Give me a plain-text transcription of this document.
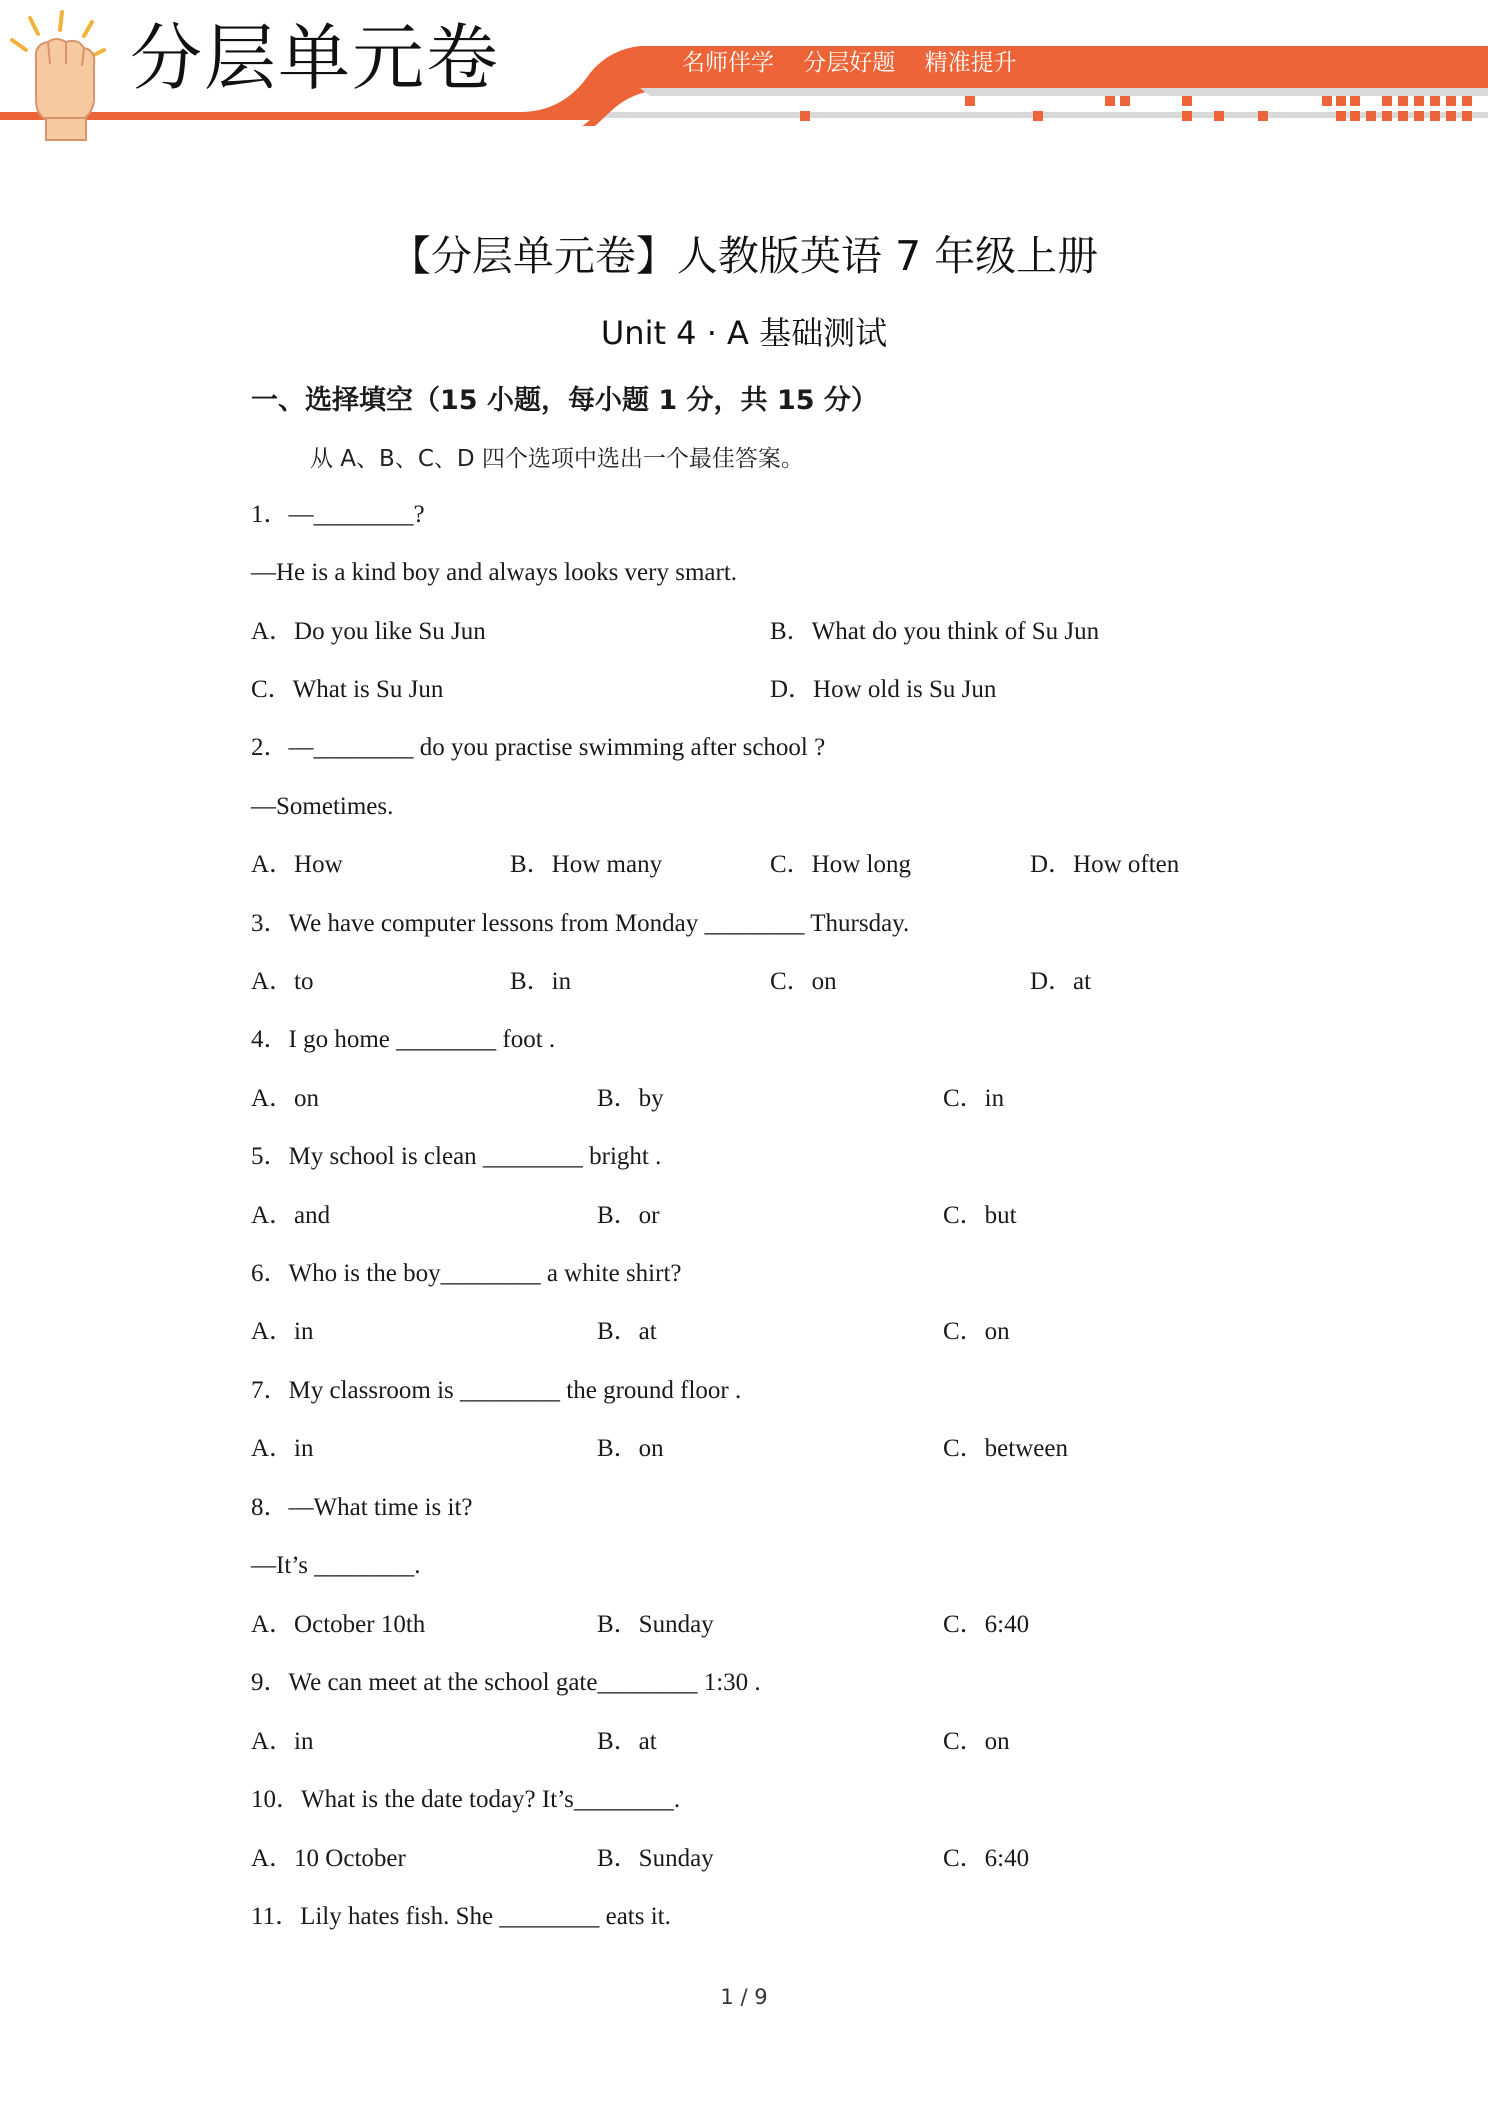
分层单元卷	名师伴学 分层好题 精准提升
【分层单元卷】人教版英语 7 年级上册
Unit 4 · A 基础测试
一、选择填空（15 小题，每小题 1 分，共 15 分）
从 A、B、C、D 四个选项中选出一个最佳答案。
1．—________?
—He is a kind boy and always looks very smart.
A．Do you like Su Jun	B．What do you think of Su Jun
C．What is Su Jun	D．How old is Su Jun
2．—________ do you practise swimming after school ?
—Sometimes.
A．How	B．How many	C．How long	D．How often
3．We have computer lessons from Monday ________ Thursday.
A．to	B．in	C．on	D．at
4．I go home ________ foot .
A．on	B．by	C．in
5．My school is clean ________ bright .
A．and	B．or	C．but
6．Who is the boy________ a white shirt?
A．in	B．at	C．on
7．My classroom is ________ the ground floor .
A．in	B．on	C．between
8．—What time is it?
—It’s ________.
A．October 10th	B．Sunday	C．6:40
9．We can meet at the school gate________ 1:30 .
A．in	B．at	C．on
10．What is the date today? It’s________.
A．10 October	B．Sunday	C．6:40
11．Lily hates fish. She ________ eats it.
1 / 9
